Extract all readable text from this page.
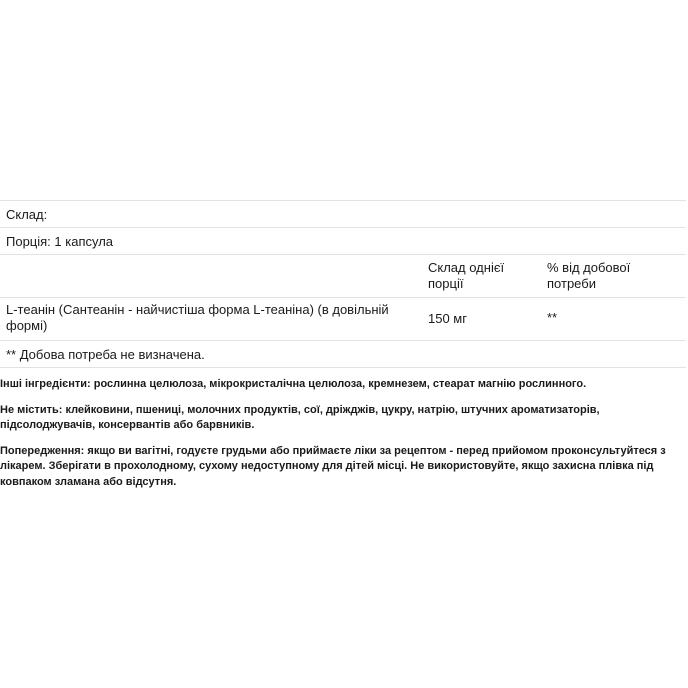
Склад:
Порція: 1 капсула
Склад однієї порції
% від добової потреби
L-теанін (Сантеанін - найчистіша форма L-теаніна) (в довільній формі)	150 мг	**
** Добова потреба не визначена.

Інші інгредієнти: рослинна целюлоза, мікрокристалічна целюлоза, кремнезем, стеарат магнію рослинного.

Не містить: клейковини, пшениці, молочних продуктів, сої, дріжджів, цукру, натрію, штучних ароматизаторів, підсолоджувачів, консервантів або барвників.

Попередження: якщо ви вагітні, годуєте грудьми або приймаєте ліки за рецептом - перед прийомом проконсультуйтеся з лікарем. Зберігати в прохолодному, сухому недоступному для дітей місці. Не використовуйте, якщо захисна плівка під ковпаком зламана або відсутня.
